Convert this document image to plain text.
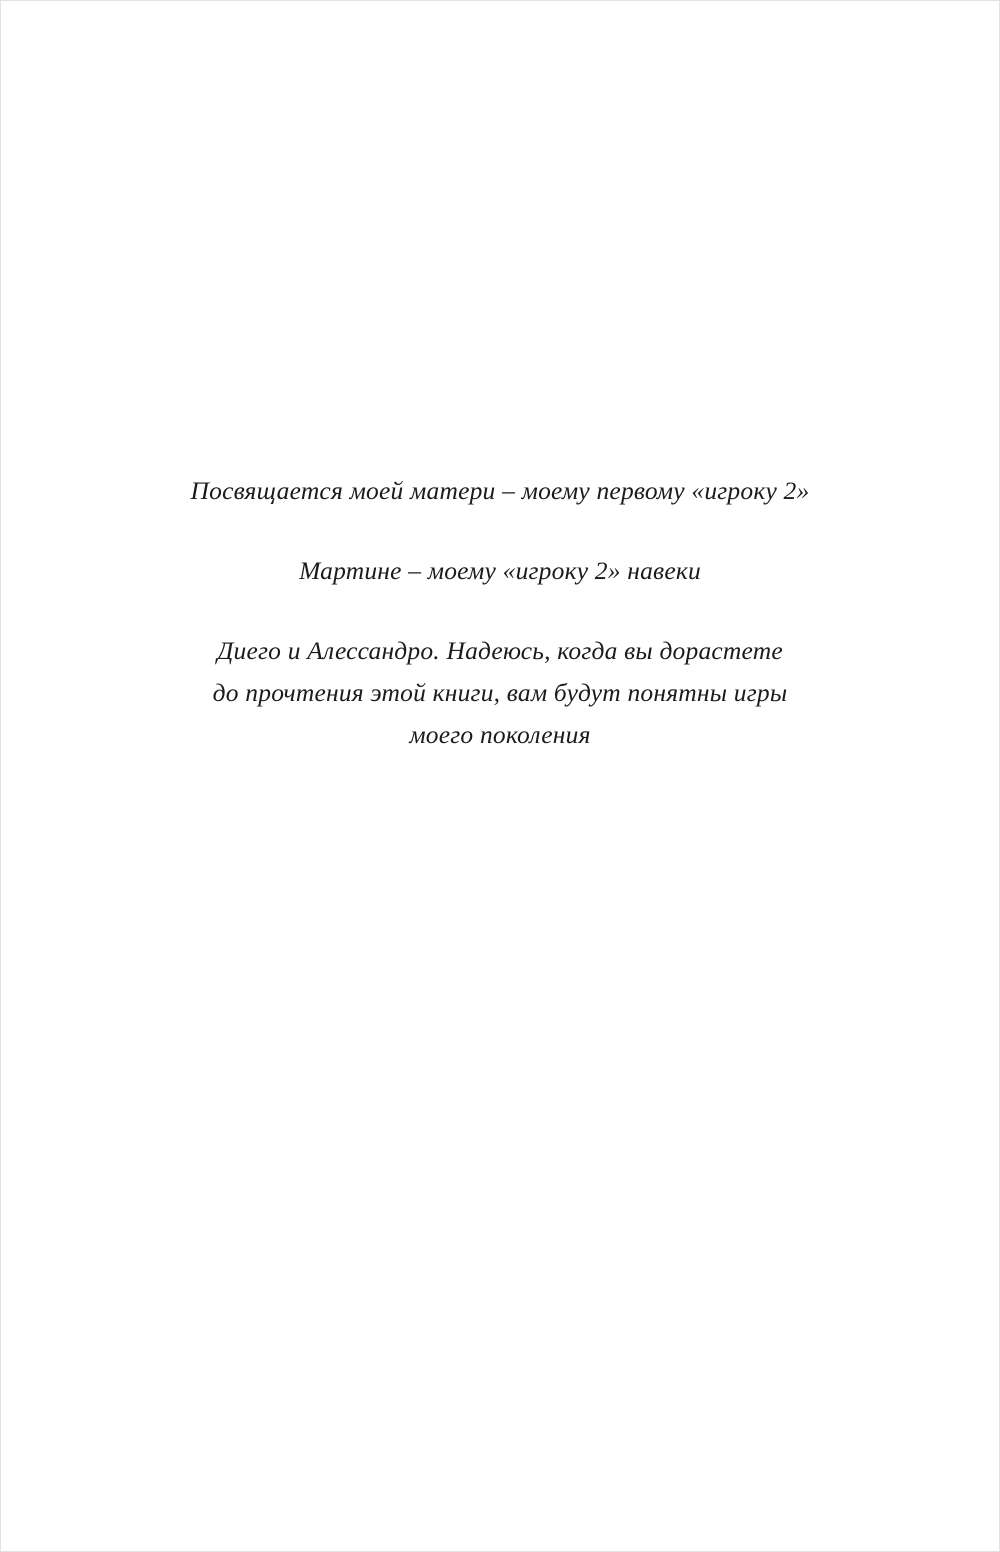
Посвящается моей матери – моему первому «игроку 2»
Мартине – моему «игроку 2» навеки
Диего и Алессандро. Надеюсь, когда вы дорастете
до прочтения этой книги, вам будут понятны игры
моего поколения
